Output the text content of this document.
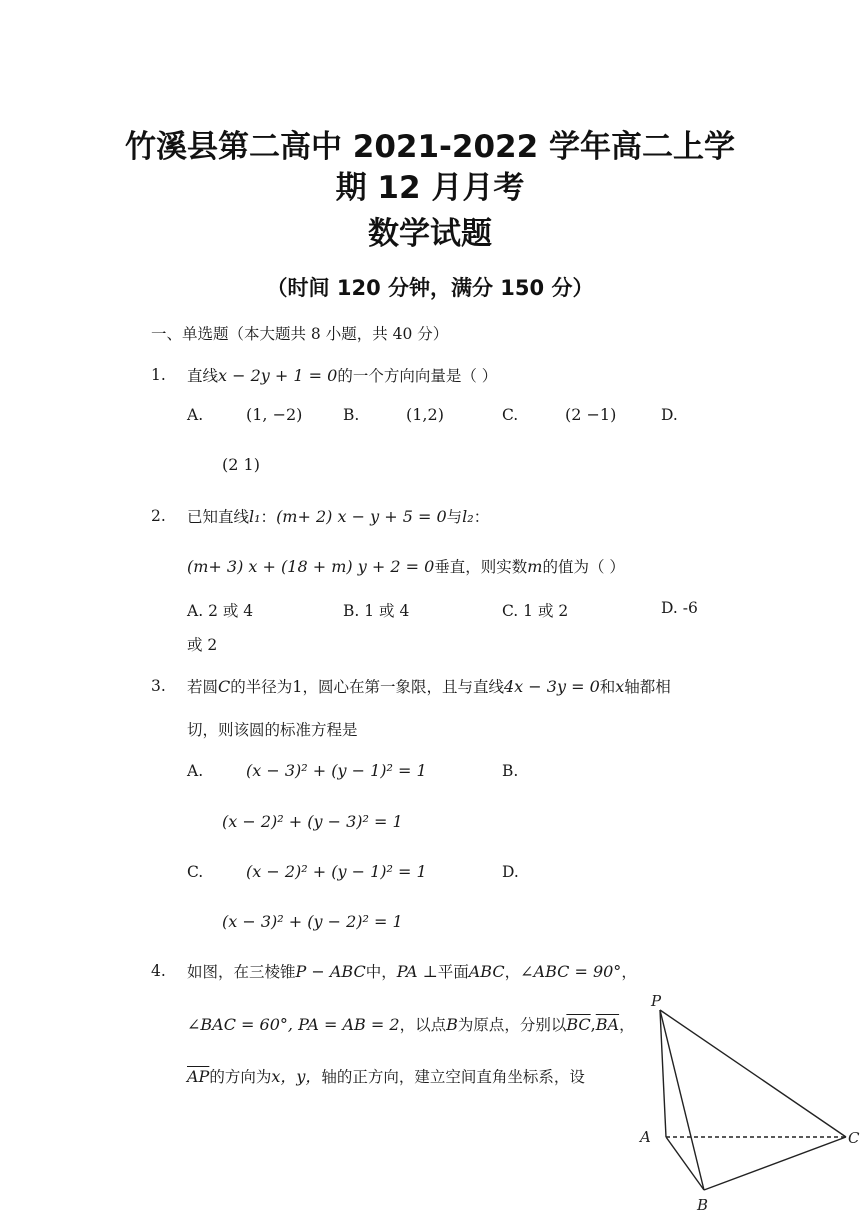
竹溪县第二高中 2021-2022 学年高二上学
期 12 月月考
数学试题
（时间 120 分钟，满分 150 分）
一、单选题（本大题共 8 小题，共 40 分）
1. 直线x − 2y + 1 = 0的一个方向向量是（ ）
A.	(1, −2)	B.	(1,2)	C.	(2 −1)	D.
(2 1)
2. 已知直线l₁：(m+ 2) x − y + 5 = 0与l₂：
(m+ 3) x + (18 + m) y + 2 = 0垂直，则实数m的值为（ ）
A. 2 或 4	B. 1 或 4	C. 1 或 2	D. -6
或 2
3. 若圆C的半径为1，圆心在第一象限，且与直线4x − 3y = 0和x轴都相
切，则该圆的标准方程是
A.	(x − 3)² + (y − 1)² = 1	B.
(x − 2)² + (y − 3)² = 1
C.	(x − 2)² + (y − 1)² = 1	D.
(x − 3)² + (y − 2)² = 1
4. 如图，在三棱锥P − ABC中，PA ⊥平面ABC，∠ABC = 90°，
∠BAC = 60°, PA = AB = 2，以点B为原点，分别以$\overline{BC},\overline{BA}$，
$\overline{AP}$的方向为x，y，轴的正方向，建立空间直角坐标系，设
P
A
B
C
